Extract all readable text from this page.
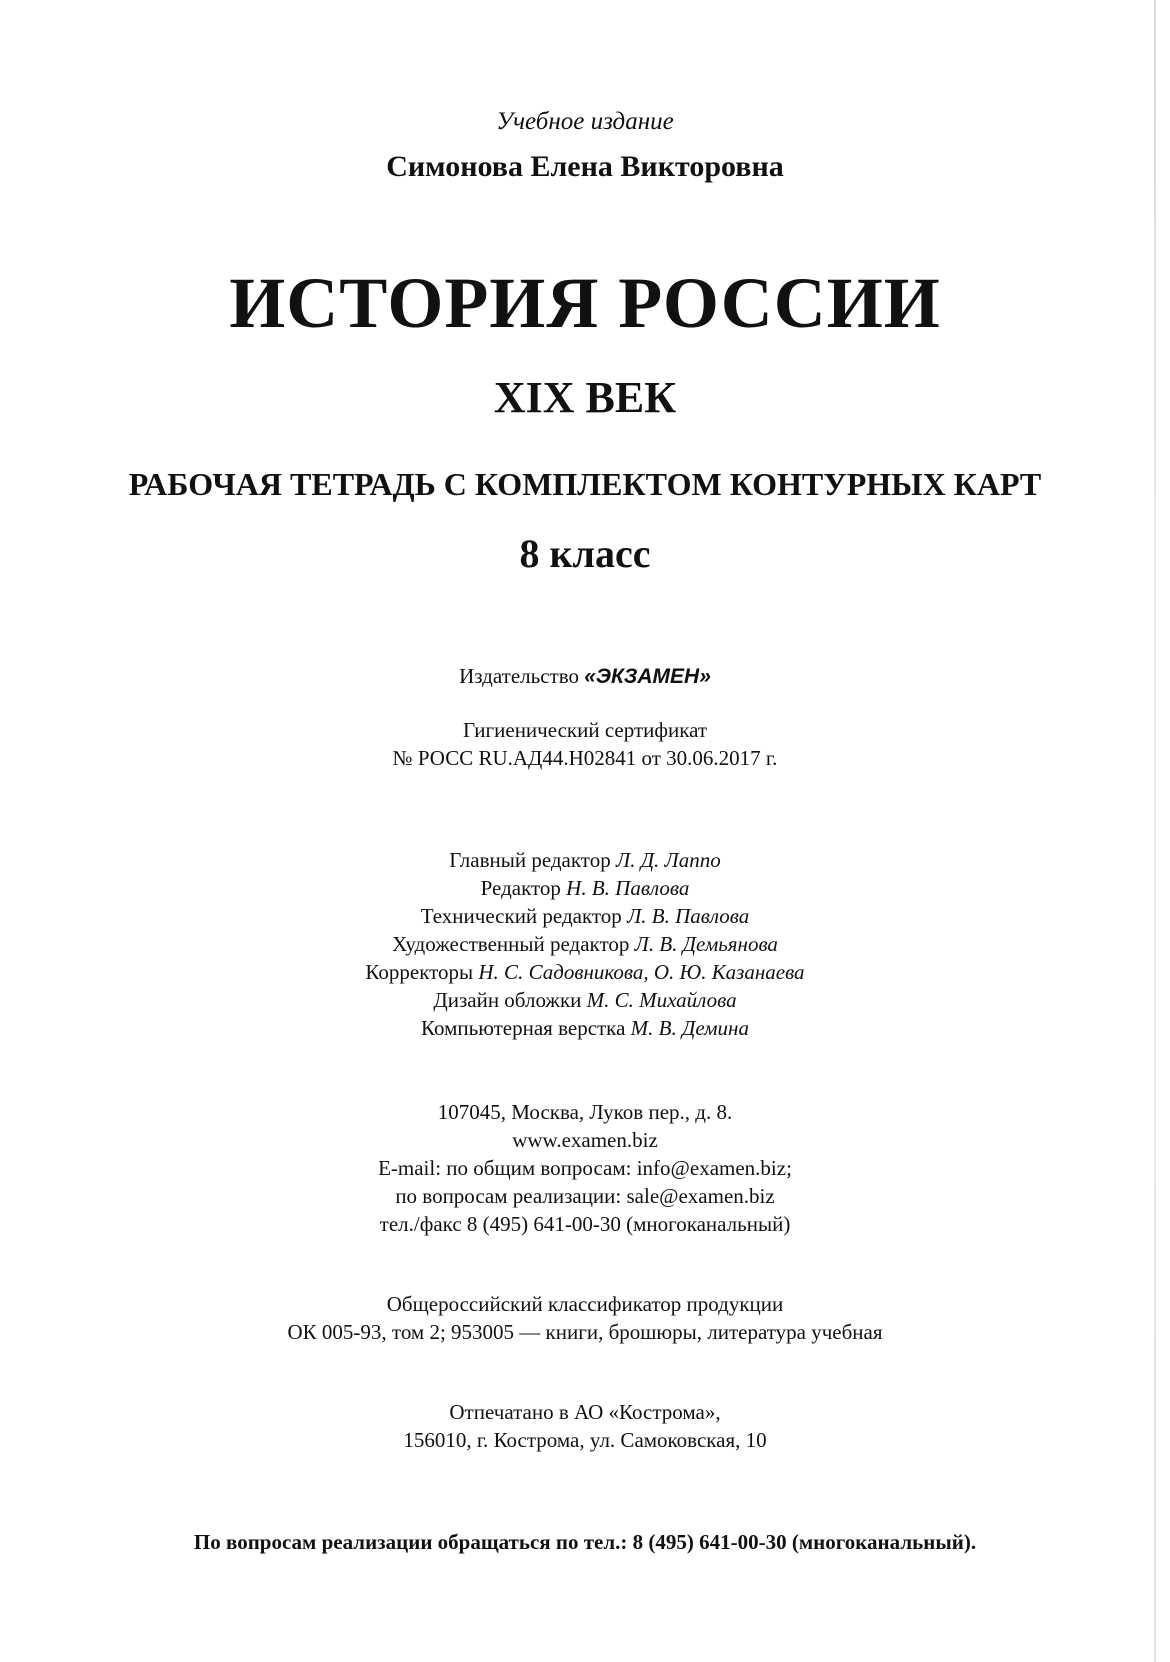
Учебное издание

Симонова Елена Викторовна

ИСТОРИЯ РОССИИ

XIX ВЕК

РАБОЧАЯ ТЕТРАДЬ С КОМПЛЕКТОМ КОНТУРНЫХ КАРТ

8 класс

Издательство «ЭКЗАМЕН»

Гигиенический сертификат

№ РОСС RU.АД44.Н02841 от 30.06.2017 г.

Главный редактор Л. Д. Лаппо

Редактор Н. В. Павлова

Технический редактор Л. В. Павлова

Художественный редактор Л. В. Демьянова

Корректоры Н. С. Садовникова, О. Ю. Казанаева

Дизайн обложки М. С. Михайлова

Компьютерная верстка М. В. Демина

107045, Москва, Луков пер., д. 8.

www.examen.biz

E-mail: по общим вопросам: info@examen.biz;

по вопросам реализации: sale@examen.biz

тел./факс 8 (495) 641-00-30 (многоканальный)

Общероссийский классификатор продукции

ОК 005-93, том 2; 953005 — книги, брошюры, литература учебная

Отпечатано в АО «Кострома»,

156010, г. Кострома, ул. Самоковская, 10

По вопросам реализации обращаться по тел.: 8 (495) 641-00-30 (многоканальный).
